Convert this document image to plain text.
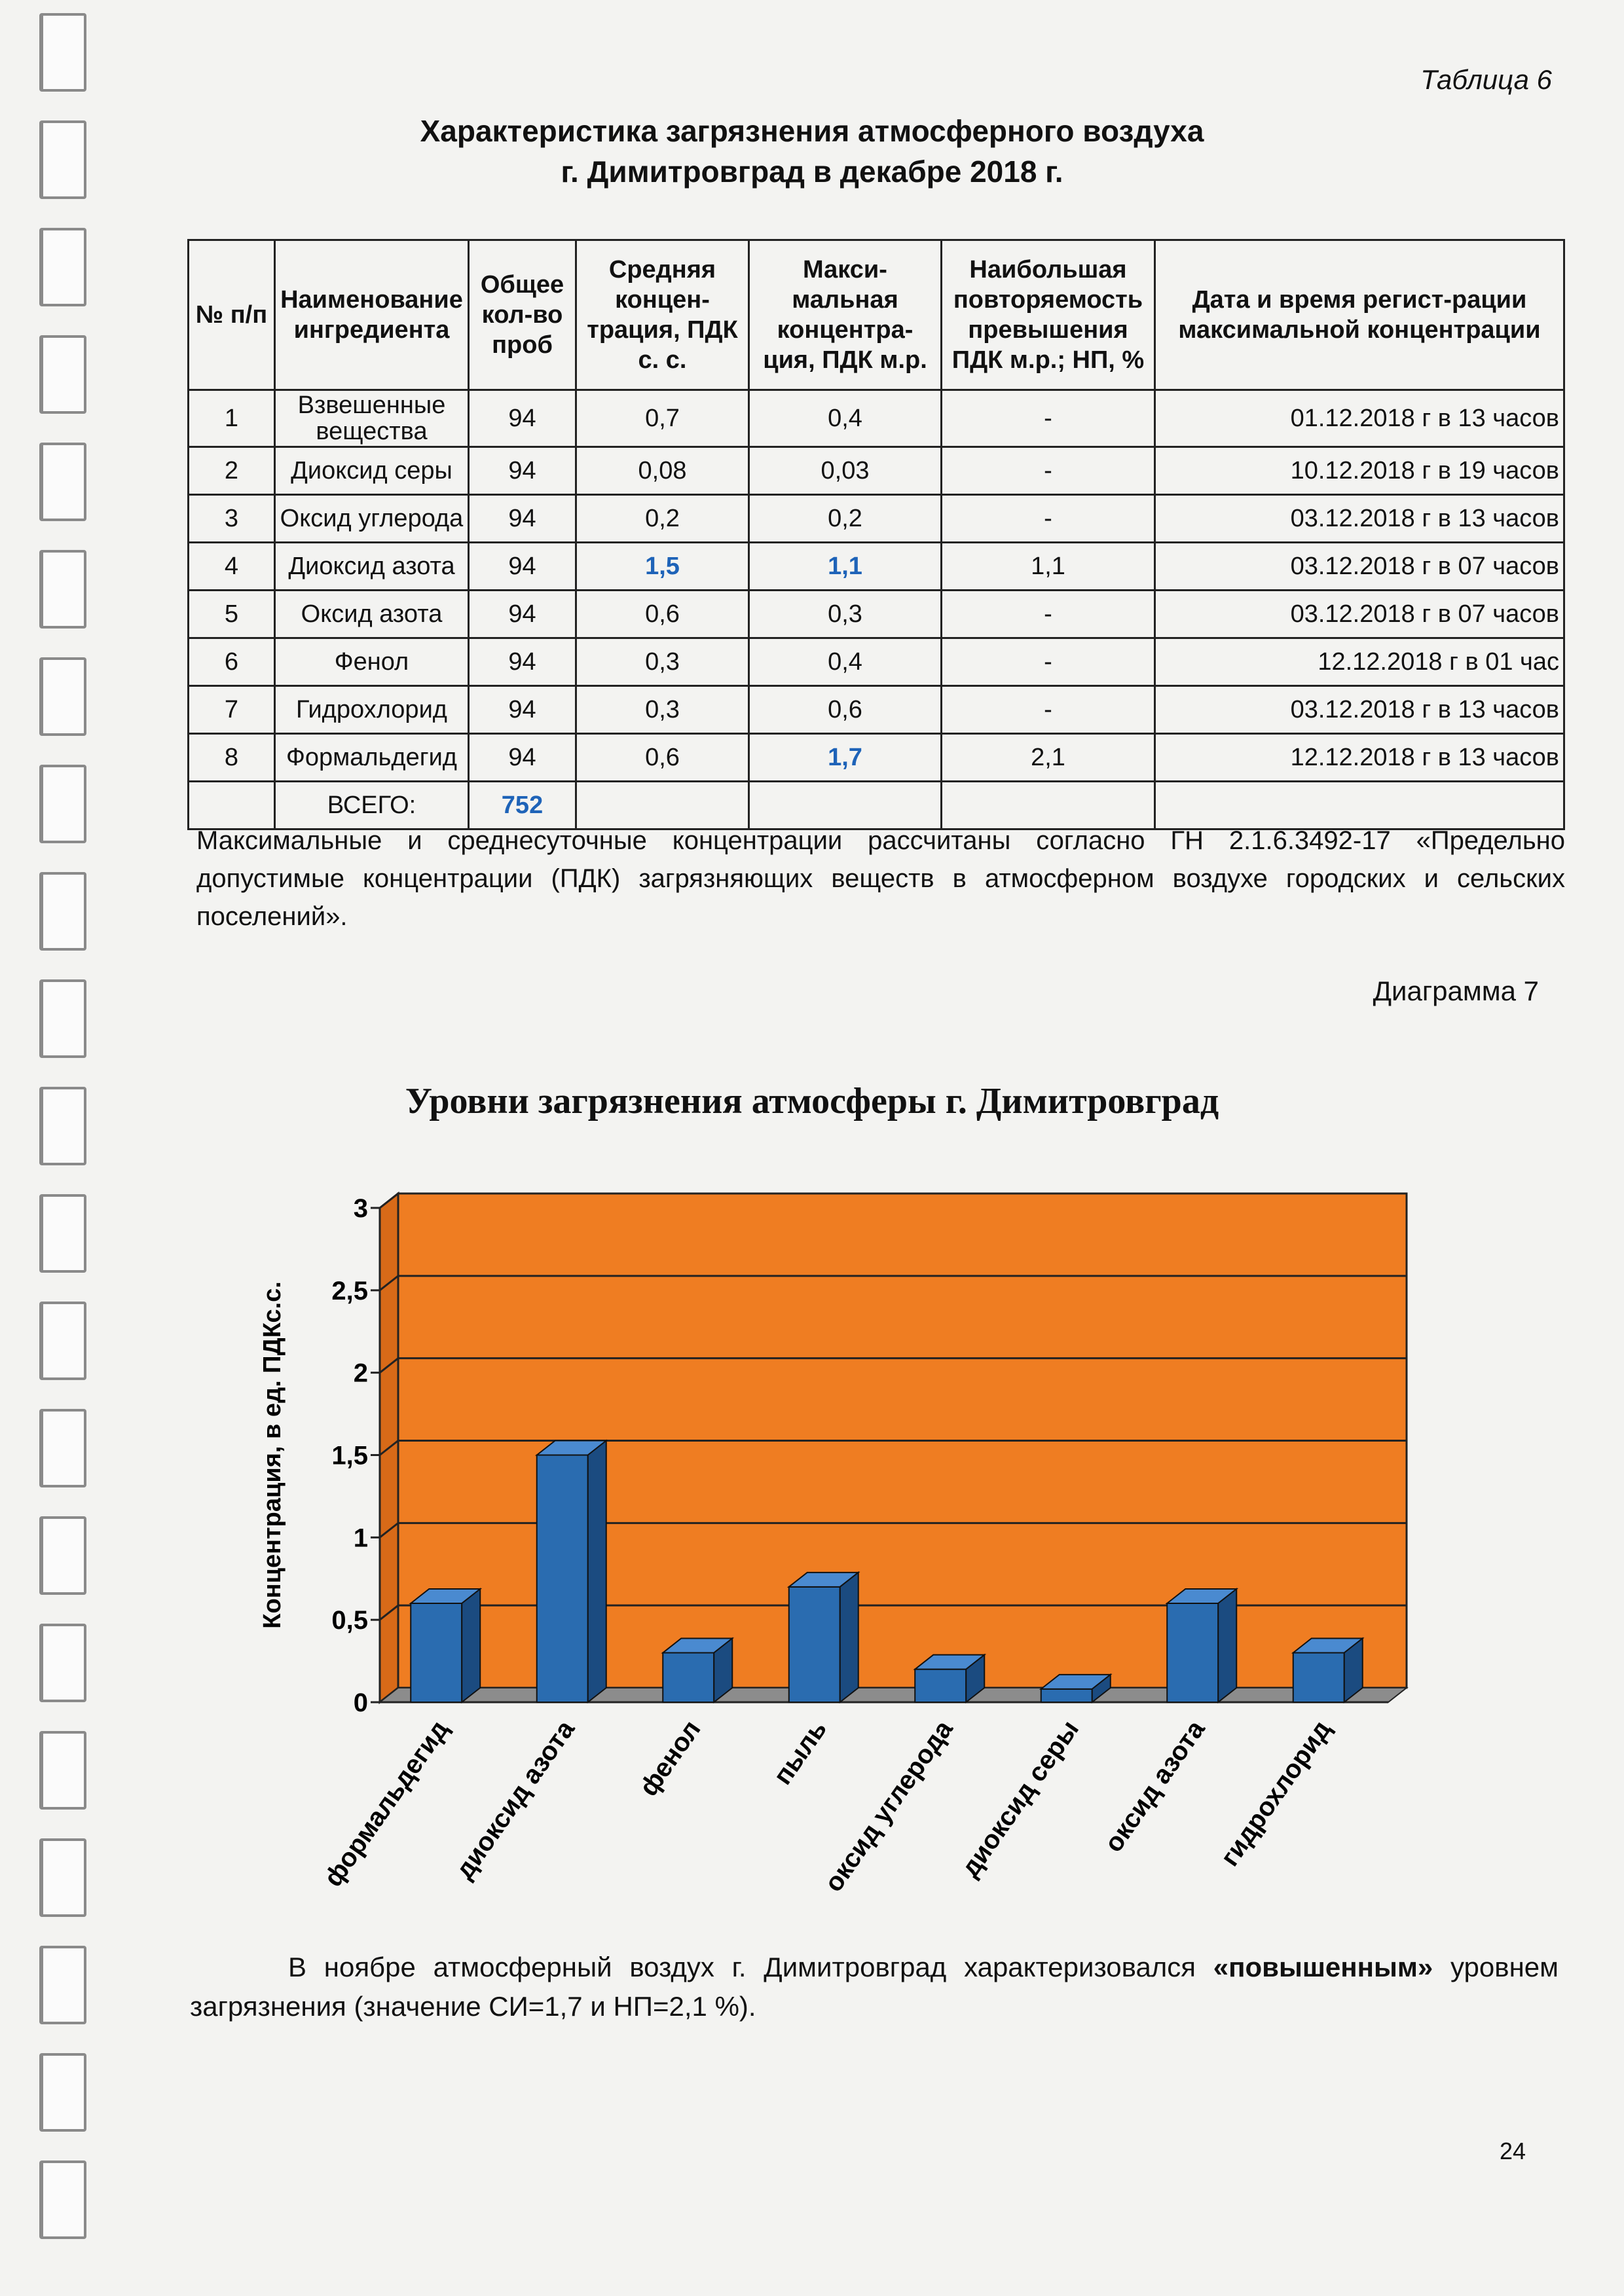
Таблица 6
Характеристика загрязнения атмосферного воздуха
г. Димитровград в декабре 2018 г.
№ п/п	Наименование ингредиента	Общее кол-во проб	Средняя концен-трация, ПДК с. с.	Макси-мальная концентра-ция, ПДК м.р.	Наибольшая повторяемость превышения ПДК м.р.; НП, %	Дата и время регист-рации максимальной концентрации
1	Взвешенные вещества	94	0,7	0,4	-	01.12.2018 г в 13 часов
2	Диоксид серы	94	0,08	0,03	-	10.12.2018 г в 19 часов
3	Оксид углерода	94	0,2	0,2	-	03.12.2018 г в 13 часов
4	Диоксид азота	94	1,5	1,1	1,1	03.12.2018 г в 07 часов
5	Оксид азота	94	0,6	0,3	-	03.12.2018 г в 07 часов
6	Фенол	94	0,3	0,4	-	12.12.2018 г в 01 час
7	Гидрохлорид	94	0,3	0,6	-	03.12.2018 г в 13 часов
8	Формальдегид	94	0,6	1,7	2,1	12.12.2018 г в 13 часов
	ВСЕГО:	752				
Максимальные и среднесуточные концентрации рассчитаны согласно ГН 2.1.6.3492-17 «Предельно допустимые концентрации (ПДК) загрязняющих веществ в атмосферном воздухе городских и сельских поселений».
Диаграмма 7
Уровни загрязнения атмосферы г. Димитровград
0
0,5
1
1,5
2
2,5
3
формальдегид
диоксид азота фенол пыль
оксид углерода
диоксид серы оксид азота гидрохлорид
Концентрация, в ед. ПДКс.с.
В ноябре атмосферный воздух г. Димитровград характеризовался «повышенным» уровнем загрязнения (значение СИ=1,7 и НП=2,1 %).
24
